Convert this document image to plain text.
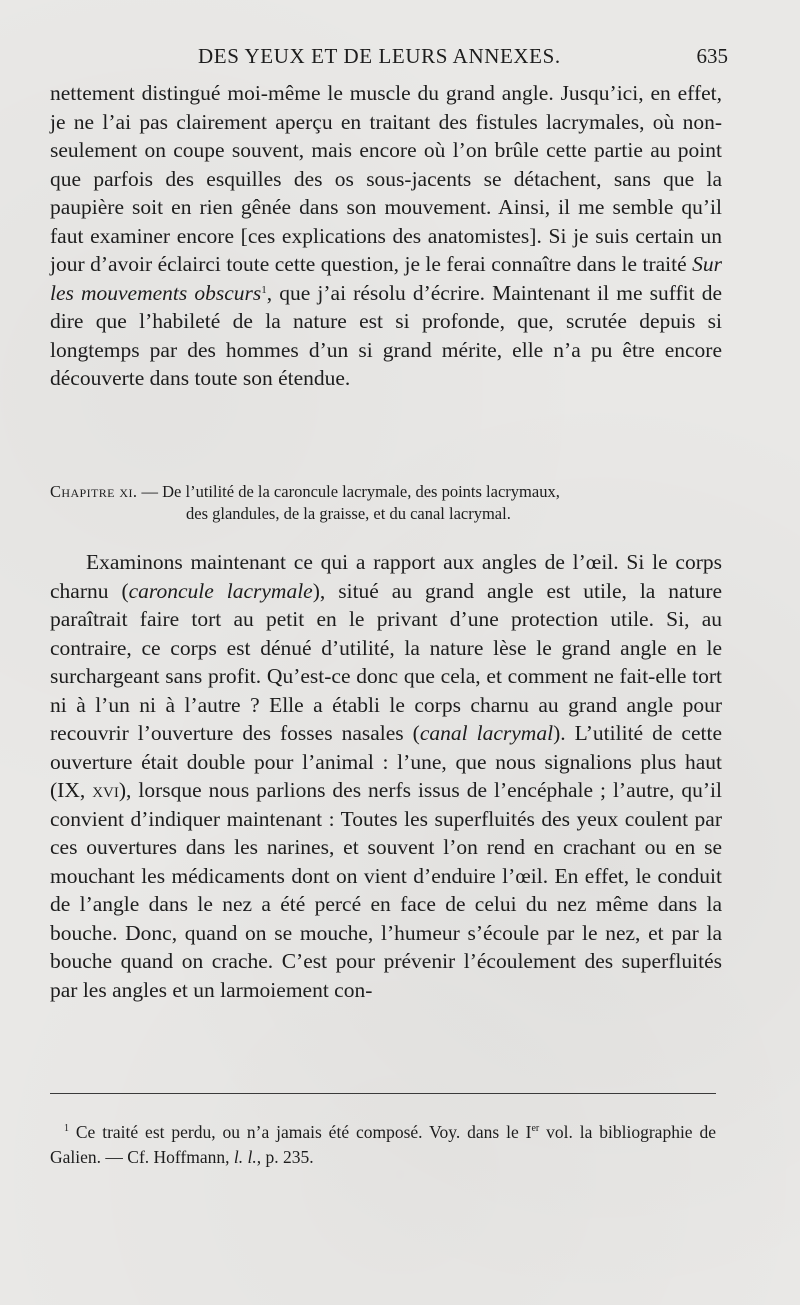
DES YEUX ET DE LEURS ANNEXES.	635

nettement distingué moi-même le muscle du grand angle. Jusqu’ici, en effet, je ne l’ai pas clairement aperçu en traitant des fistules lacrymales, où non-seulement on coupe souvent, mais encore où l’on brûle cette partie au point que parfois des esquilles des os sous-jacents se détachent, sans que la paupière soit en rien gênée dans son mouvement. Ainsi, il me semble qu’il faut examiner encore [ces explications des anatomistes]. Si je suis certain un jour d’avoir éclairci toute cette question, je le ferai connaître dans le traité Sur les mouvements obscurs$^1$, que j’ai résolu d’écrire. Maintenant il me suffit de dire que l’habileté de la nature est si profonde, que, scrutée depuis si longtemps par des hommes d’un si grand mérite, elle n’a pu être encore découverte dans toute son étendue.

Chapitre xi. — De l’utilité de la caroncule lacrymale, des points lacrymaux,
des glandules, de la graisse, et du canal lacrymal.

Examinons maintenant ce qui a rapport aux angles de l’œil. Si le corps charnu (caroncule lacrymale), situé au grand angle est utile, la nature paraîtrait faire tort au petit en le privant d’une protection utile. Si, au contraire, ce corps est dénué d’utilité, la nature lèse le grand angle en le surchargeant sans profit. Qu’est-ce donc que cela, et comment ne fait-elle tort ni à l’un ni à l’autre ? Elle a établi le corps charnu au grand angle pour recouvrir l’ouverture des fosses nasales (canal lacrymal). L’utilité de cette ouverture était double pour l’animal : l’une, que nous signalions plus haut (IX, xvi), lorsque nous parlions des nerfs issus de l’encéphale ; l’autre, qu’il convient d’indiquer maintenant : Toutes les superfluités des yeux coulent par ces ouvertures dans les narines, et souvent l’on rend en crachant ou en se mouchant les médicaments dont on vient d’enduire l’œil. En effet, le conduit de l’angle dans le nez a été percé en face de celui du nez même dans la bouche. Donc, quand on se mouche, l’humeur s’écoule par le nez, et par la bouche quand on crache. C’est pour prévenir l’écoulement des superfluités par les angles et un larmoiement con-

$^1$ Ce traité est perdu, ou n’a jamais été composé. Voy. dans le Ier vol. la bibliographie de Galien. — Cf. Hoffmann, l. l., p. 235.
